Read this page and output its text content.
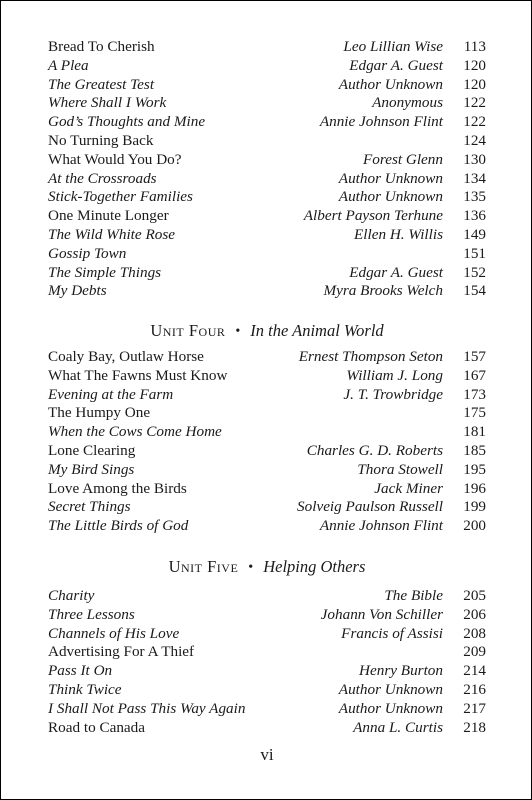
Bread To Cherish	Leo Lillian Wise	113
A Plea	Edgar A. Guest	120
The Greatest Test	Author Unknown	120
Where Shall I Work	Anonymous	122
God’s Thoughts and Mine	Annie Johnson Flint	122
No Turning Back	124
What Would You Do?	Forest Glenn	130
At the Crossroads	Author Unknown	134
Stick-Together Families	Author Unknown	135
One Minute Longer	Albert Payson Terhune	136
The Wild White Rose	Ellen H. Willis	149
Gossip Town	151
The Simple Things	Edgar A. Guest	152
My Debts	Myra Brooks Welch	154
Unit Four • In the Animal World
Coaly Bay, Outlaw Horse	Ernest Thompson Seton	157
What The Fawns Must Know	William J. Long	167
Evening at the Farm	J. T. Trowbridge	173
The Humpy One	175
When the Cows Come Home	181
Lone Clearing	Charles G. D. Roberts	185
My Bird Sings	Thora Stowell	195
Love Among the Birds	Jack Miner	196
Secret Things	Solveig Paulson Russell	199
The Little Birds of God	Annie Johnson Flint	200
Unit Five • Helping Others
Charity	The Bible	205
Three Lessons	Johann Von Schiller	206
Channels of His Love	Francis of Assisi	208
Advertising For A Thief	209
Pass It On	Henry Burton	214
Think Twice	Author Unknown	216
I Shall Not Pass This Way Again	Author Unknown	217
Road to Canada	Anna L. Curtis	218
vi
